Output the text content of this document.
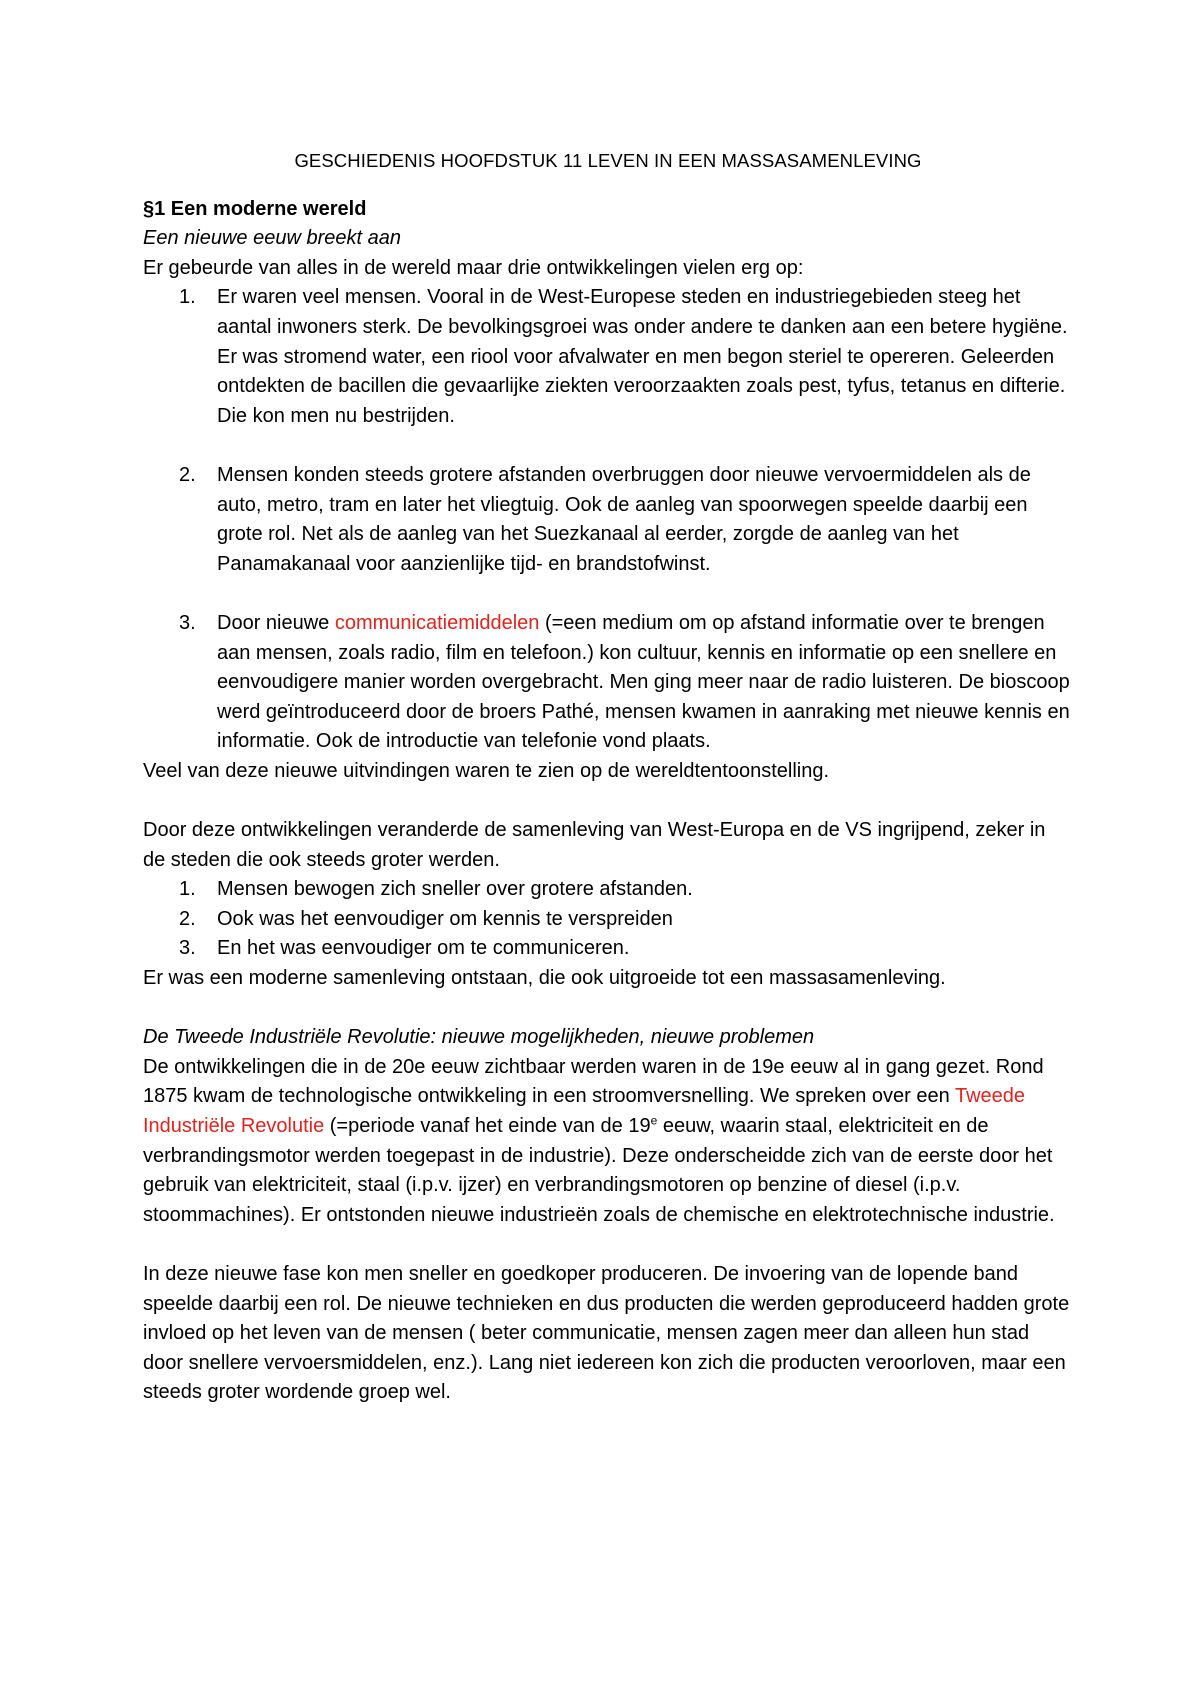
GESCHIEDENIS HOOFDSTUK 11 LEVEN IN EEN MASSASAMENLEVING

§1 Een moderne wereld

Een nieuwe eeuw breekt aan

Er gebeurde van alles in de wereld maar drie ontwikkelingen vielen erg op:

1. Er waren veel mensen. Vooral in de West-Europese steden en industriegebieden steeg het aantal inwoners sterk. De bevolkingsgroei was onder andere te danken aan een betere hygiëne. Er was stromend water, een riool voor afvalwater en men begon steriel te opereren. Geleerden ontdekten de bacillen die gevaarlijke ziekten veroorzaakten zoals pest, tyfus, tetanus en difterie. Die kon men nu bestrijden.
2. Mensen konden steeds grotere afstanden overbruggen door nieuwe vervoermiddelen als de auto, metro, tram en later het vliegtuig. Ook de aanleg van spoorwegen speelde daarbij een grote rol. Net als de aanleg van het Suezkanaal al eerder, zorgde de aanleg van het Panamakanaal voor aanzienlijke tijd- en brandstofwinst.
3. Door nieuwe communicatiemiddelen (=een medium om op afstand informatie over te brengen aan mensen, zoals radio, film en telefoon.) kon cultuur, kennis en informatie op een snellere en eenvoudigere manier worden overgebracht. Men ging meer naar de radio luisteren. De bioscoop werd geïntroduceerd door de broers Pathé, mensen kwamen in aanraking met nieuwe kennis en informatie. Ook de introductie van telefonie vond plaats.

Veel van deze nieuwe uitvindingen waren te zien op de wereldtentoonstelling.

Door deze ontwikkelingen veranderde de samenleving van West-Europa en de VS ingrijpend, zeker in de steden die ook steeds groter werden.

1. Mensen bewogen zich sneller over grotere afstanden.
2. Ook was het eenvoudiger om kennis te verspreiden
3. En het was eenvoudiger om te communiceren.

Er was een moderne samenleving ontstaan, die ook uitgroeide tot een massasamenleving.

De Tweede Industriële Revolutie: nieuwe mogelijkheden, nieuwe problemen

De ontwikkelingen die in de 20e eeuw zichtbaar werden waren in de 19e eeuw al in gang gezet. Rond 1875 kwam de technologische ontwikkeling in een stroomversnelling. We spreken over een Tweede Industriële Revolutie (=periode vanaf het einde van de 19e eeuw, waarin staal, elektriciteit en de verbrandingsmotor werden toegepast in de industrie). Deze onderscheidde zich van de eerste door het gebruik van elektriciteit, staal (i.p.v. ijzer) en verbrandingsmotoren op benzine of diesel (i.p.v. stoommachines). Er ontstonden nieuwe industrieën zoals de chemische en elektrotechnische industrie.

In deze nieuwe fase kon men sneller en goedkoper produceren. De invoering van de lopende band speelde daarbij een rol. De nieuwe technieken en dus producten die werden geproduceerd hadden grote invloed op het leven van de mensen ( beter communicatie, mensen zagen meer dan alleen hun stad door snellere vervoersmiddelen, enz.). Lang niet iedereen kon zich die producten veroorloven, maar een steeds groter wordende groep wel.
